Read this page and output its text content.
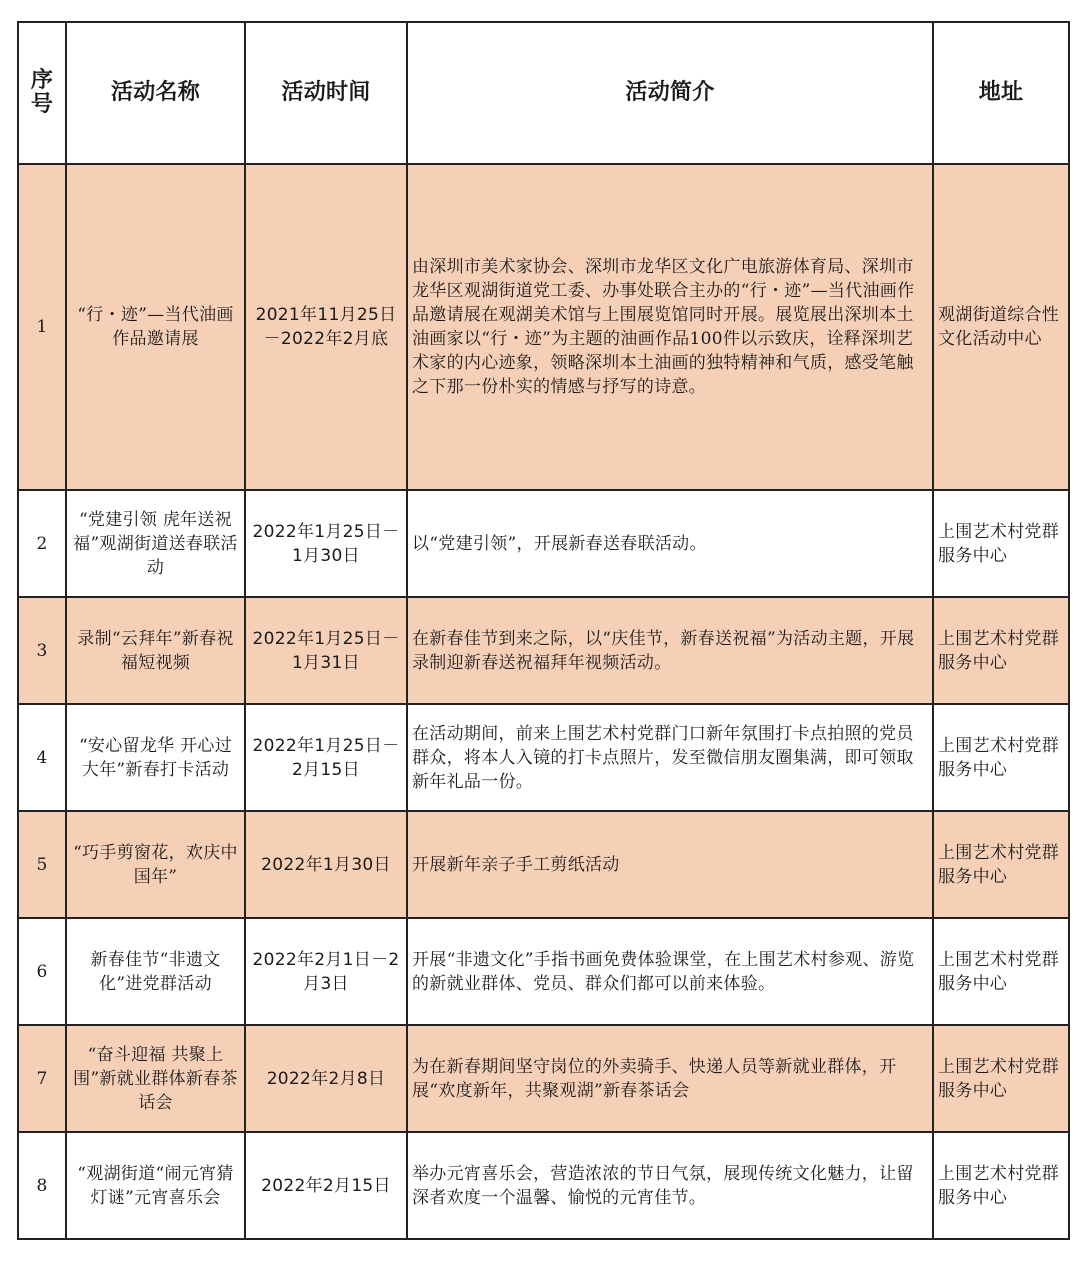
序号	活动名称	活动时间	活动简介	地址
1	“行・迹”—当代油画作品邀请展	2021年11月25日－2022年2月底	由深圳市美术家协会、深圳市龙华区文化广电旅游体育局、深圳市龙华区观湖街道党工委、办事处联合主办的“行・迹”—当代油画作品邀请展在观湖美术馆与上围展览馆同时开展。展览展出深圳本土油画家以“行・迹”为主题的油画作品100件以示致庆，诠释深圳艺术家的内心迹象，领略深圳本土油画的独特精神和气质，感受笔触之下那一份朴实的情感与抒写的诗意。	观湖街道综合性文化活动中心
2	“党建引领 虎年送祝福”观湖街道送春联活动	2022年1月25日－1月30日	以“党建引领”，开展新春送春联活动。	上围艺术村党群服务中心
3	录制“云拜年”新春祝福短视频	2022年1月25日－1月31日	在新春佳节到来之际，以“庆佳节，新春送祝福”为活动主题，开展录制迎新春送祝福拜年视频活动。	上围艺术村党群服务中心
4	“安心留龙华 开心过大年”新春打卡活动	2022年1月25日－2月15日	在活动期间，前来上围艺术村党群门口新年氛围打卡点拍照的党员群众，将本人入镜的打卡点照片，发至微信朋友圈集满，即可领取新年礼品一份。	上围艺术村党群服务中心
5	“巧手剪窗花，欢庆中国年”	2022年1月30日	开展新年亲子手工剪纸活动	上围艺术村党群服务中心
6	新春佳节“非遗文化”进党群活动	2022年2月1日－2月3日	开展“非遗文化”手指书画免费体验课堂，在上围艺术村参观、游览的新就业群体、党员、群众们都可以前来体验。	上围艺术村党群服务中心
7	“奋斗迎福 共聚上围”新就业群体新春茶话会	2022年2月8日	为在新春期间坚守岗位的外卖骑手、快递人员等新就业群体，开展“欢度新年，共聚观湖”新春茶话会	上围艺术村党群服务中心
8	“观湖街道“闹元宵猜灯谜”元宵喜乐会	2022年2月15日	举办元宵喜乐会，营造浓浓的节日气氛，展现传统文化魅力，让留深者欢度一个温馨、愉悦的元宵佳节。	上围艺术村党群服务中心
